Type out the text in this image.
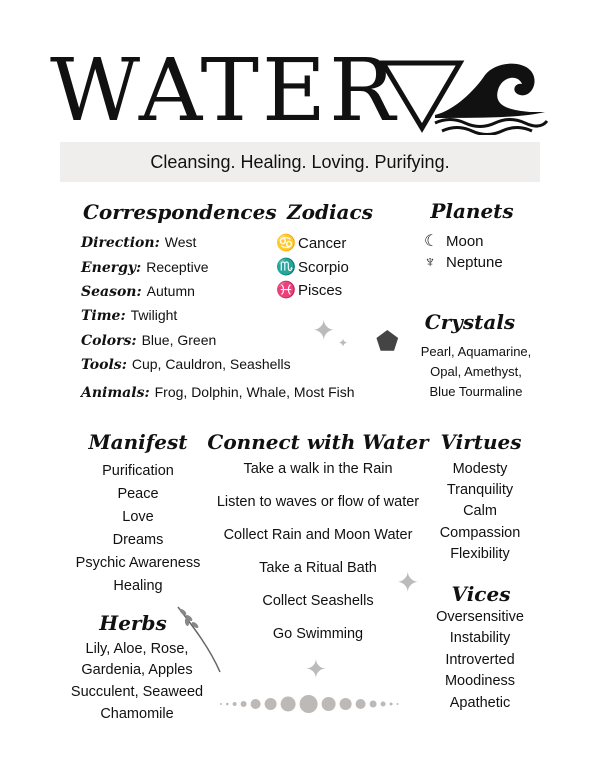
WATER
Cleansing. Healing. Loving. Purifying.
Correspondences Zodiacs	Planets
✦ ✦ ⬟
Crystals
Manifest Connect with Water Virtues
Vices
Herbs
✦
✦
Direction: West
Energy: Receptive
Season: Autumn
Time: Twilight
Colors: Blue, Green
Tools: Cup, Cauldron, Seashells
Animals: Frog, Dolphin, Whale, Most Fish
♋ Cancer
♏ Scorpio
♓ Pisces
☾ Moon
♆ Neptune
Pearl, Aquamarine,
Opal, Amethyst,
Blue Tourmaline
Purification
Peace
Love
Dreams
Psychic Awareness
Healing
Take a walk in the Rain
Listen to waves or flow of water
Collect Rain and Moon Water
Take a Ritual Bath
Collect Seashells
Go Swimming
Modesty
Tranquility
Calm
Compassion
Flexibility
Oversensitive
Instability
Introverted
Moodiness
Apathetic
Lily, Aloe, Rose,
Gardenia, Apples
Succulent, Seaweed
Chamomile
